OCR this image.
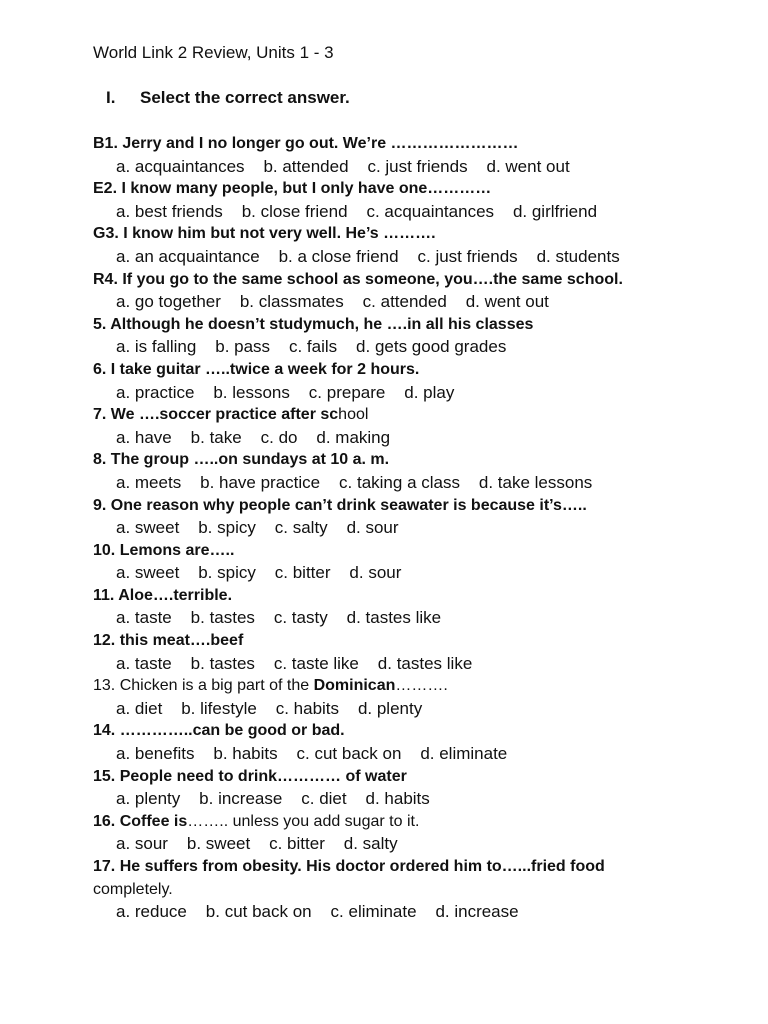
World Link 2 Review, Units 1 - 3
I. Select the correct answer.
B1. Jerry and I no longer go out. We’re ……………………
a. acquaintances b. attended c. just friends d. went out
E2. I know many people, but I only have one…………
a. best friends b. close friend c. acquaintances d. girlfriend
G3. I know him but not very well. He’s ……….
a. an acquaintance b. a close friend c. just friends d. students
R4. If you go to the same school as someone, you….the same school.
a. go together b. classmates c. attended d. went out
5. Although he doesn’t studymuch, he ….in all his classes
a. is falling b. pass c. fails d. gets good grades
6. I take guitar …..twice a week for 2 hours.
a. practice b. lessons c. prepare d. play
7. We ….soccer practice after school
a. have b. take c. do d. making
8. The group …..on sundays at 10 a. m.
a. meets b. have practice c. taking a class d. take lessons
9. One reason why people can’t drink seawater is because it’s…..
a. sweet b. spicy c. salty d. sour
10. Lemons are…..
a. sweet b. spicy c. bitter d. sour
11. Aloe….terrible.
a. taste b. tastes c. tasty d. tastes like
12. this meat….beef
a. taste b. tastes c. taste like d. tastes like
13. Chicken is a big part of the Dominican……….
a. diet b. lifestyle c. habits d. plenty
14. …………..can be good or bad.
a. benefits b. habits c. cut back on d. eliminate
15. People need to drink………… of water
a. plenty b. increase c. diet d. habits
16. Coffee is…….. unless you add sugar to it.
a. sour b. sweet c. bitter d. salty
17. He suffers from obesity. His doctor ordered him to…...fried food
completely.
a. reduce b. cut back on c. eliminate d. increase
